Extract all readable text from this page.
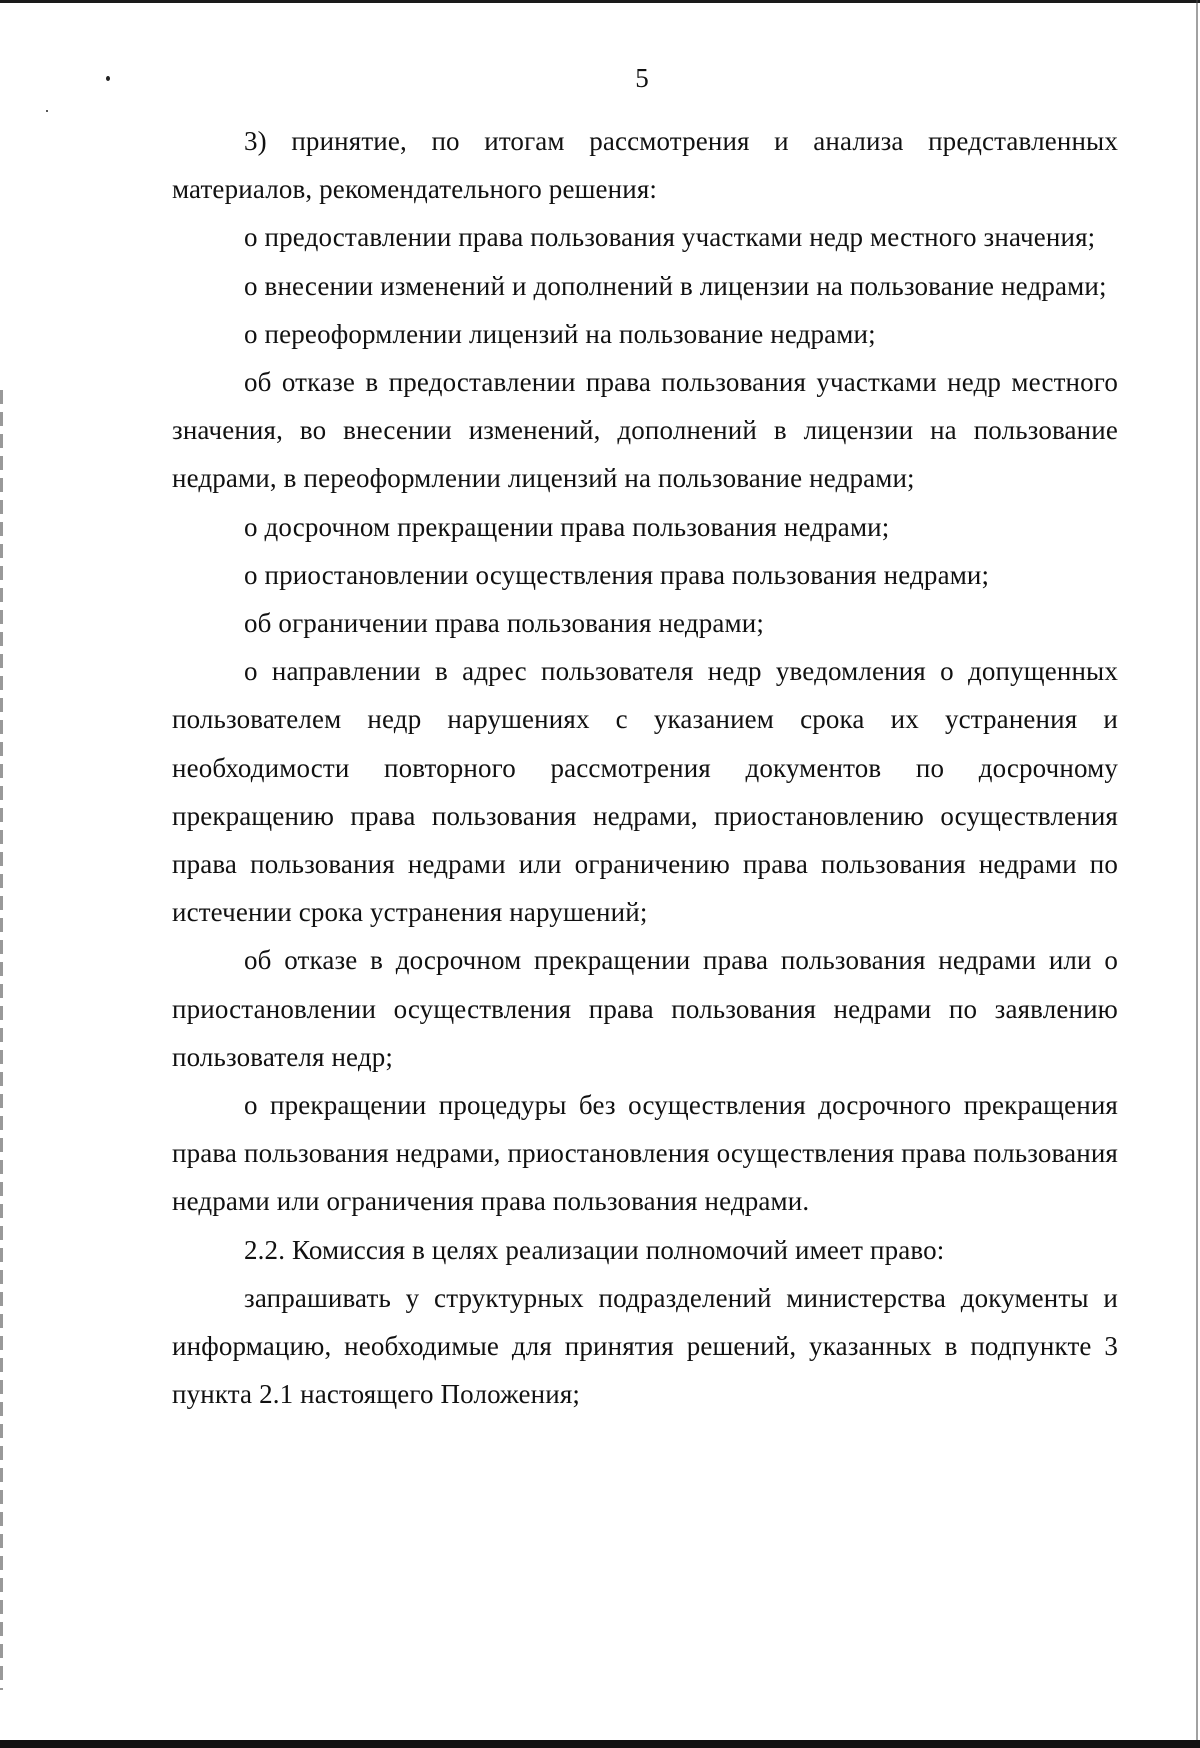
5

3) принятие, по итогам рассмотрения и анализа представленных материалов, рекомендательного решения:

о предоставлении права пользования участками недр местного значения;

о внесении изменений и дополнений в лицензии на пользование недрами;

о переоформлении лицензий на пользование недрами;

об отказе в предоставлении права пользования участками недр местного значения, во внесении изменений, дополнений в лицензии на пользование недрами, в переоформлении лицензий на пользование недрами;

о досрочном прекращении права пользования недрами;

о приостановлении осуществления права пользования недрами;

об ограничении права пользования недрами;

о направлении в адрес пользователя недр уведомления о допущенных пользователем недр нарушениях с указанием срока их устранения и необходимости повторного рассмотрения документов по досрочному прекращению права пользования недрами, приостановлению осуществления права пользования недрами или ограничению права пользования недрами по истечении срока устранения нарушений;

об отказе в досрочном прекращении права пользования недрами или о приостановлении осуществления права пользования недрами по заявлению пользователя недр;

о прекращении процедуры без осуществления досрочного прекращения права пользования недрами, приостановления осуществления права пользования недрами или ограничения права пользования недрами.

2.2. Комиссия в целях реализации полномочий имеет право:

запрашивать у структурных подразделений министерства документы и информацию, необходимые для принятия решений, указанных в подпункте 3 пункта 2.1 настоящего Положения;
